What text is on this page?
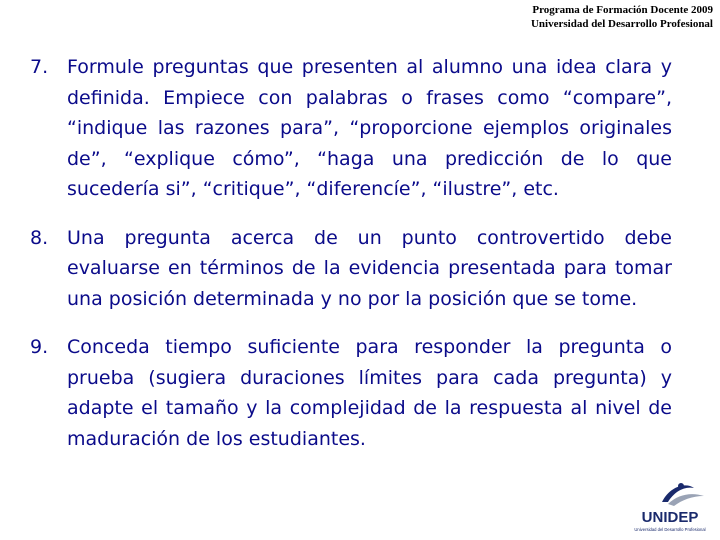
Programa de Formación Docente 2009
Universidad del Desarrollo Profesional
7. Formule preguntas que presenten al alumno una idea clara y definida. Empiece con palabras o frases como “compare”, “indique las razones para”, “proporcione ejemplos originales de”, “explique cómo”, “haga una predicción de lo que sucedería si”, “critique”, “diferencíe”, “ilustre”, etc.
8. Una pregunta acerca de un punto controvertido debe evaluarse en términos de la evidencia presentada para tomar una posición determinada y no por la posición que se tome.
9. Conceda tiempo suficiente para responder la pregunta o prueba (sugiera duraciones límites para cada pregunta) y adapte el tamaño y la complejidad de la respuesta al nivel de maduración de los estudiantes.
UNIDEP
Universidad del Desarrollo Profesional
